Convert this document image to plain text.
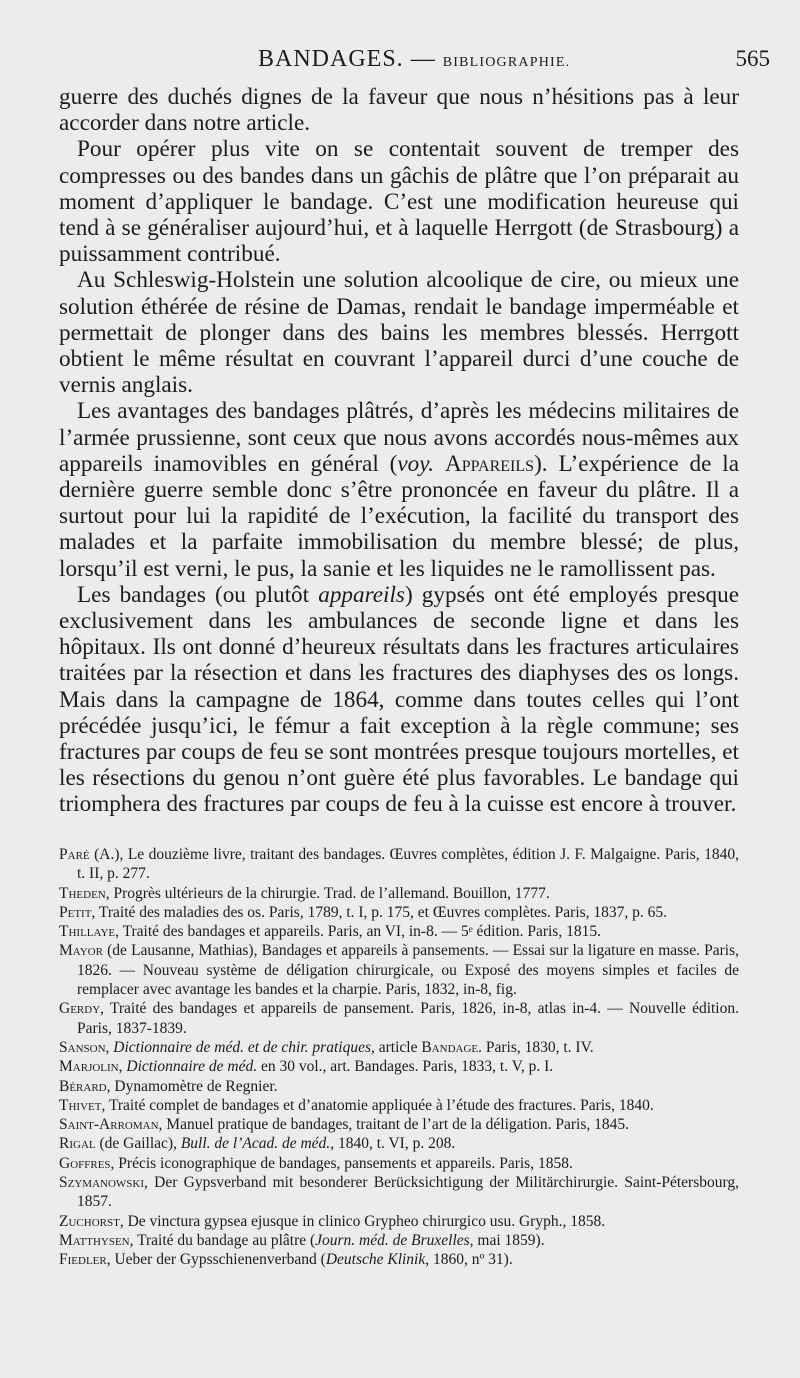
BANDAGES. — BIBLIOGRAPHIE.	565

guerre des duchés dignes de la faveur que nous n’hésitions pas à leur accorder dans notre article.

Pour opérer plus vite on se contentait souvent de tremper des compresses ou des bandes dans un gâchis de plâtre que l’on préparait au moment d’appliquer le bandage. C’est une modification heureuse qui tend à se généraliser aujourd’hui, et à laquelle Herrgott (de Strasbourg) a puissamment contribué.

Au Schleswig-Holstein une solution alcoolique de cire, ou mieux une solution éthérée de résine de Damas, rendait le bandage imperméable et permettait de plonger dans des bains les membres blessés. Herrgott obtient le même résultat en couvrant l’appareil durci d’une couche de vernis anglais.

Les avantages des bandages plâtrés, d’après les médecins militaires de l’armée prussienne, sont ceux que nous avons accordés nous-mêmes aux appareils inamovibles en général (voy. Appareils). L’expérience de la dernière guerre semble donc s’être prononcée en faveur du plâtre. Il a surtout pour lui la rapidité de l’exécution, la facilité du transport des malades et la parfaite immobilisation du membre blessé; de plus, lorsqu’il est verni, le pus, la sanie et les liquides ne le ramollissent pas.

Les bandages (ou plutôt appareils) gypsés ont été employés presque exclusivement dans les ambulances de seconde ligne et dans les hôpitaux. Ils ont donné d’heureux résultats dans les fractures articulaires traitées par la résection et dans les fractures des diaphyses des os longs. Mais dans la campagne de 1864, comme dans toutes celles qui l’ont précédée jusqu’ici, le fémur a fait exception à la règle commune; ses fractures par coups de feu se sont montrées presque toujours mortelles, et les résections du genou n’ont guère été plus favorables. Le bandage qui triomphera des fractures par coups de feu à la cuisse est encore à trouver.

Paré (A.), Le douzième livre, traitant des bandages. Œuvres complètes, édition J. F. Malgaigne. Paris, 1840, t. II, p. 277.
Theden, Progrès ultérieurs de la chirurgie. Trad. de l’allemand. Bouillon, 1777.
Petit, Traité des maladies des os. Paris, 1789, t. I, p. 175, et Œuvres complètes. Paris, 1837, p. 65.
Thillaye, Traité des bandages et appareils. Paris, an VI, in-8. — 5ᵉ édition. Paris, 1815.
Mayor (de Lausanne, Mathias), Bandages et appareils à pansements. — Essai sur la ligature en masse. Paris, 1826. — Nouveau système de déligation chirurgicale, ou Exposé des moyens simples et faciles de remplacer avec avantage les bandes et la charpie. Paris, 1832, in-8, fig.
Gerdy, Traité des bandages et appareils de pansement. Paris, 1826, in-8, atlas in-4. — Nouvelle édition. Paris, 1837-1839.
Sanson, Dictionnaire de méd. et de chir. pratiques, article Bandage. Paris, 1830, t. IV.
Marjolin, Dictionnaire de méd. en 30 vol., art. Bandages. Paris, 1833, t. V, p. I.
Bérard, Dynamomètre de Regnier.
Thivet, Traité complet de bandages et d’anatomie appliquée à l’étude des fractures. Paris, 1840.
Saint-Arroman, Manuel pratique de bandages, traitant de l’art de la déligation. Paris, 1845.
Rigal (de Gaillac), Bull. de l’Acad. de méd., 1840, t. VI, p. 208.
Goffres, Précis iconographique de bandages, pansements et appareils. Paris, 1858.
Szymanowski, Der Gypsverband mit besonderer Berücksichtigung der Militärchirurgie. Saint-Pétersbourg, 1857.
Zuchorst, De vinctura gypsea ejusque in clinico Grypheo chirurgico usu. Gryph., 1858.
Matthysen, Traité du bandage au plâtre (Journ. méd. de Bruxelles, mai 1859).
Fiedler, Ueber der Gypsschienenverband (Deutsche Klinik, 1860, nº 31).
